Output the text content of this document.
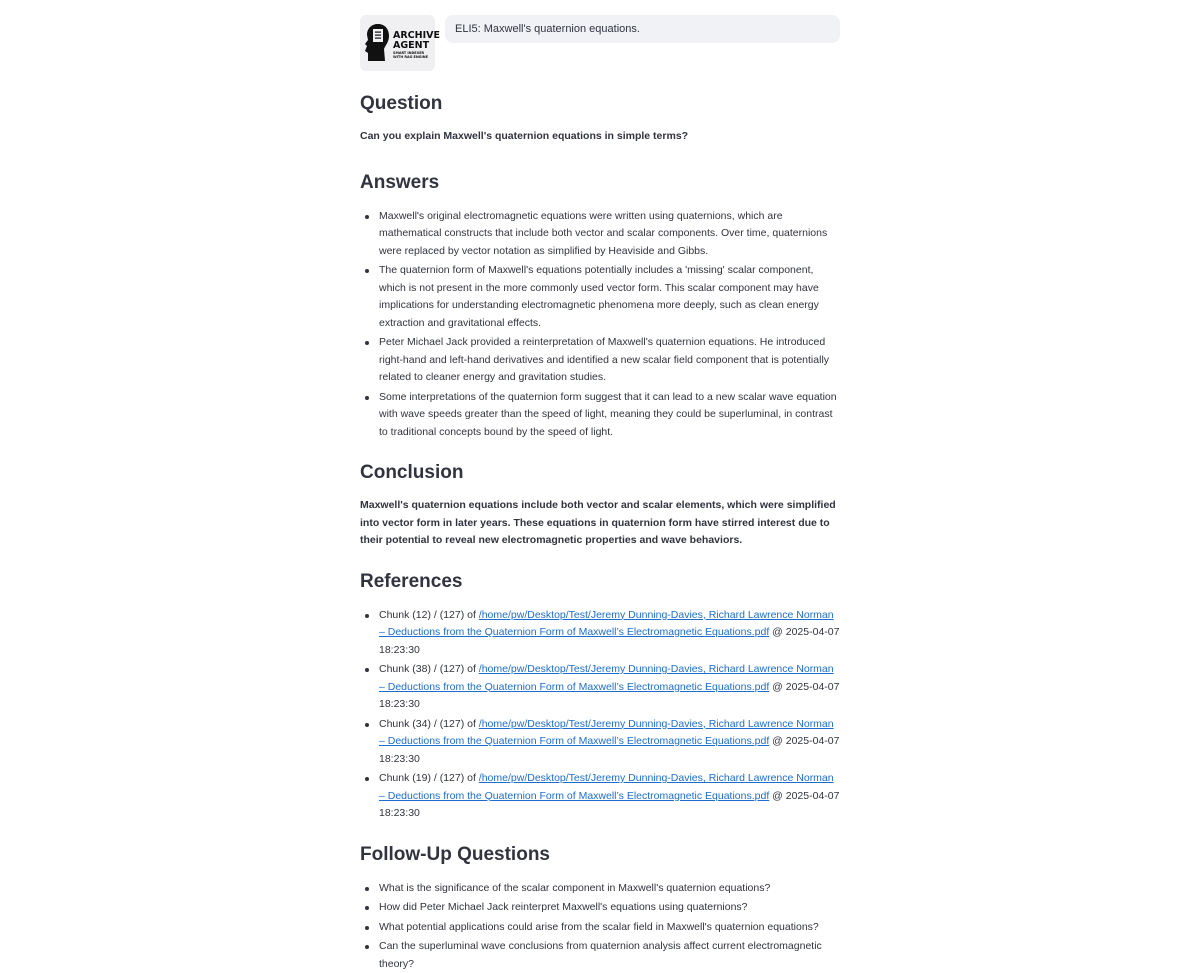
ARCHIVE
AGENT
SMART INDEXER
WITH RAG ENGINE
ELI5: Maxwell's quaternion equations.
Question

Can you explain Maxwell's quaternion equations in simple terms?

Answers
Maxwell's original electromagnetic equations were written using quaternions, which are mathematical constructs that include both vector and scalar components. Over time, quaternions were replaced by vector notation as simplified by Heaviside and Gibbs.
The quaternion form of Maxwell's equations potentially includes a 'missing' scalar component, which is not present in the more commonly used vector form. This scalar component may have implications for understanding electromagnetic phenomena more deeply, such as clean energy extraction and gravitational effects.
Peter Michael Jack provided a reinterpretation of Maxwell's quaternion equations. He introduced right-hand and left-hand derivatives and identified a new scalar field component that is potentially related to cleaner energy and gravitation studies.
Some interpretations of the quaternion form suggest that it can lead to a new scalar wave equation with wave speeds greater than the speed of light, meaning they could be superluminal, in contrast to traditional concepts bound by the speed of light.
Conclusion

Maxwell's quaternion equations include both vector and scalar elements, which were simplified into vector form in later years. These equations in quaternion form have stirred interest due to their potential to reveal new electromagnetic properties and wave behaviors.

References
Chunk (12) / (127) of /home/pw/Desktop/Test/Jeremy Dunning-Davies, Richard Lawrence Norman – Deductions from the Quaternion Form of Maxwell’s Electromagnetic Equations.pdf @ 2025-04-07 18:23:30
Chunk (38) / (127) of /home/pw/Desktop/Test/Jeremy Dunning-Davies, Richard Lawrence Norman – Deductions from the Quaternion Form of Maxwell’s Electromagnetic Equations.pdf @ 2025-04-07 18:23:30
Chunk (34) / (127) of /home/pw/Desktop/Test/Jeremy Dunning-Davies, Richard Lawrence Norman – Deductions from the Quaternion Form of Maxwell’s Electromagnetic Equations.pdf @ 2025-04-07 18:23:30
Chunk (19) / (127) of /home/pw/Desktop/Test/Jeremy Dunning-Davies, Richard Lawrence Norman – Deductions from the Quaternion Form of Maxwell’s Electromagnetic Equations.pdf @ 2025-04-07 18:23:30
Follow-Up Questions
What is the significance of the scalar component in Maxwell's quaternion equations?
How did Peter Michael Jack reinterpret Maxwell's equations using quaternions?
What potential applications could arise from the scalar field in Maxwell's quaternion equations?
Can the superluminal wave conclusions from quaternion analysis affect current electromagnetic theory?
